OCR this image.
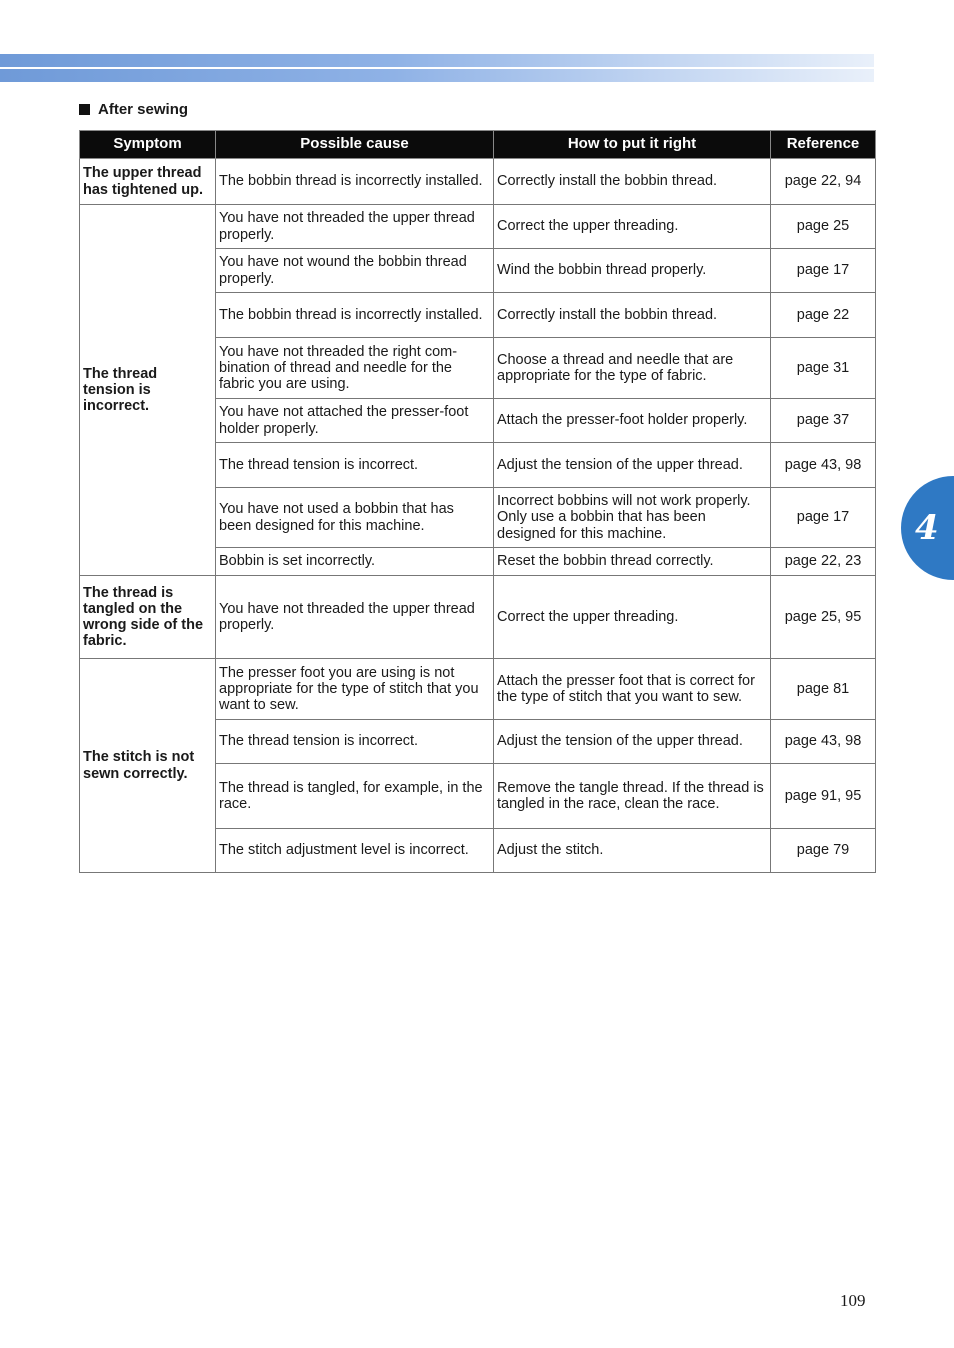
After sewing
Symptom	Possible cause	How to put it right	Reference
The upper thread has tightened up.	The bobbin thread is incorrectly installed.	Correctly install the bobbin thread.	page 22, 94
The thread tension is incorrect.	You have not threaded the upper thread properly.	Correct the upper threading.	page 25
	You have not wound the bobbin thread properly.	Wind the bobbin thread properly.	page 17
	The bobbin thread is incorrectly installed.	Correctly install the bobbin thread.	page 22
	You have not threaded the right com-bination of thread and needle for the fabric you are using.	Choose a thread and needle that are appropriate for the type of fabric.	page 31
	You have not attached the presser-foot holder properly.	Attach the presser-foot holder properly.	page 37
	The thread tension is incorrect.	Adjust the tension of the upper thread.	page 43, 98
	You have not used a bobbin that has been designed for this machine.	Incorrect bobbins will not work properly. Only use a bobbin that has been designed for this machine.	page 17
	Bobbin is set incorrectly.	Reset the bobbin thread correctly.	page 22, 23
The thread is tangled on the wrong side of the fabric.	You have not threaded the upper thread properly.	Correct the upper threading.	page 25, 95
The stitch is not sewn correctly.	The presser foot you are using is not appropriate for the type of stitch that you want to sew.	Attach the presser foot that is correct for the type of stitch that you want to sew.	page 81
	The thread tension is incorrect.	Adjust the tension of the upper thread.	page 43, 98
	The thread is tangled, for example, in the race.	Remove the tangle thread. If the thread is tangled in the race, clean the race.	page 91, 95
	The stitch adjustment level is incorrect.	Adjust the stitch.	page 79
4
109
